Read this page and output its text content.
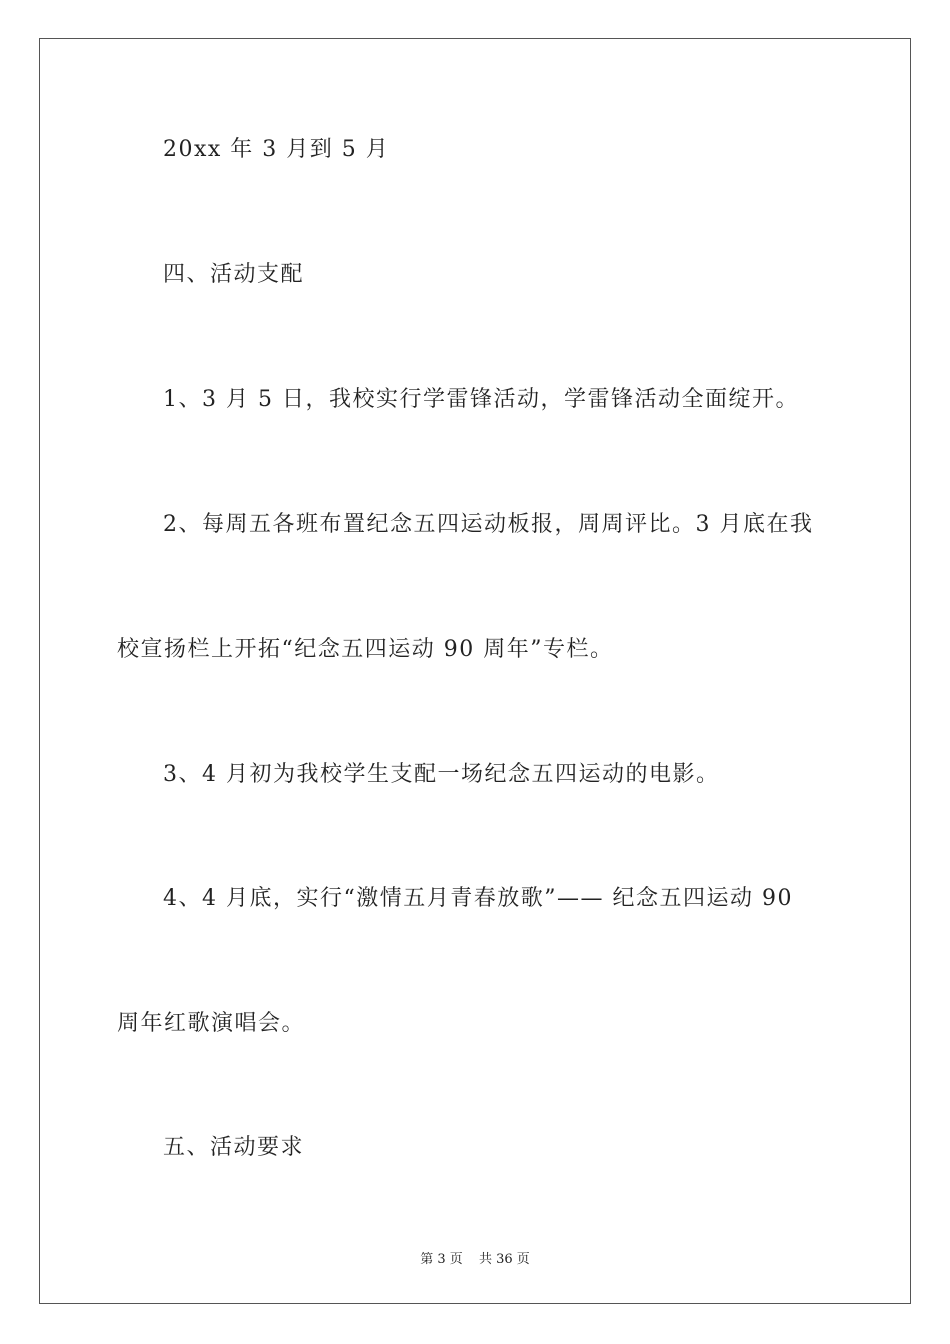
20xx 年 3 月到 5 月
四、活动支配
1、3 月 5 日，我校实行学雷锋活动，学雷锋活动全面绽开。
2、每周五各班布置纪念五四运动板报，周周评比。3 月底在我
校宣扬栏上开拓“纪念五四运动 90 周年”专栏。
3、4 月初为我校学生支配一场纪念五四运动的电影。
4、4 月底，实行“激情五月青春放歌”—— 纪念五四运动 90
周年红歌演唱会。
五、活动要求
第 3 页 共 36 页
